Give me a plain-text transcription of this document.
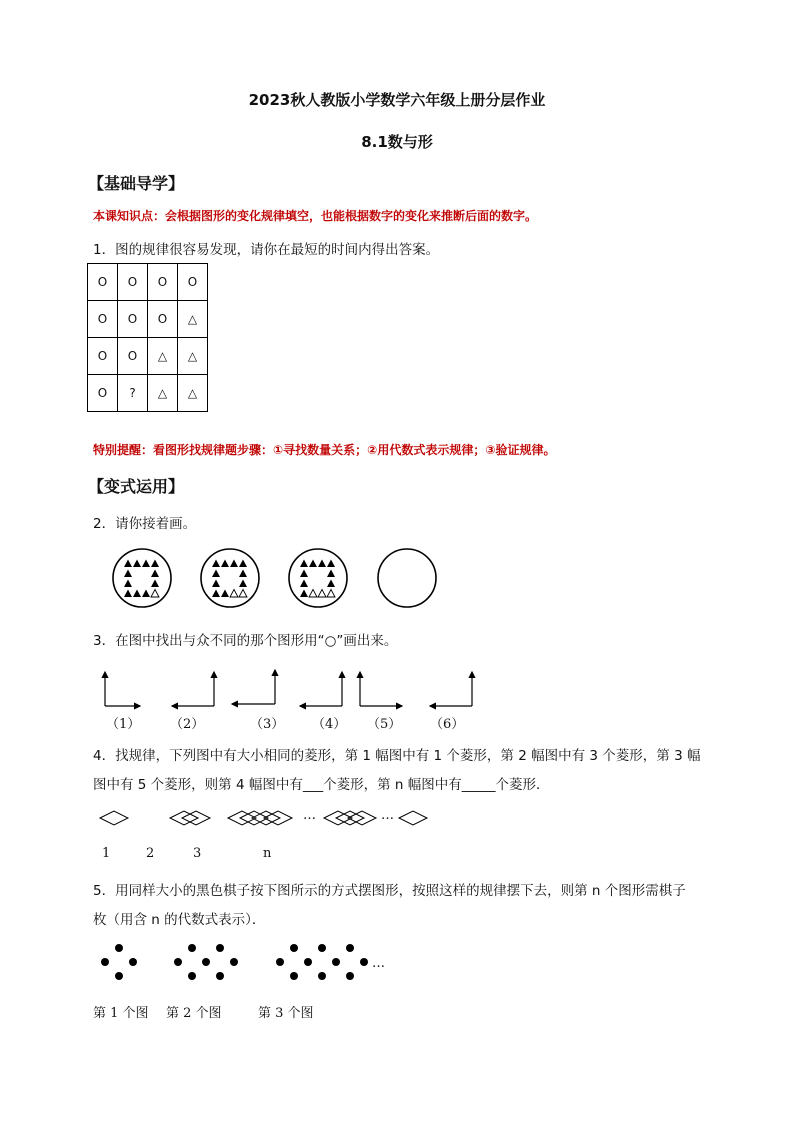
2023秋人教版小学数学六年级上册分层作业
8.1数与形
【基础导学】
本课知识点：会根据图形的变化规律填空，也能根据数字的变化来推断后面的数字。
1．图的规律很容易发现，请你在最短的时间内得出答案。
O	O	O	O
O	O	O	△
O	O	△	△
O	?	△	△
特别提醒：看图形找规律题步骤：①寻找数量关系；②用代数式表示规律；③验证规律。
【变式运用】
2．请你接着画。
3．在图中找出与众不同的那个图形用“○”画出来。
（1） （2）	（3） （4） （5） （6）
4．找规律，下列图中有大小相同的菱形，第 1 幅图中有 1 个菱形，第 2 幅图中有 3 个菱形，第 3 幅
图中有 5 个菱形，则第 4 幅图中有___个菱形，第 n 幅图中有_____个菱形．
…	…
1	2	3	n
5．用同样大小的黑色棋子按下图所示的方式摆图形，按照这样的规律摆下去，则第 n 个图形需棋子
枚（用含 n 的代数式表示）．
…
第 1 个图 第 2 个图	第 3 个图
